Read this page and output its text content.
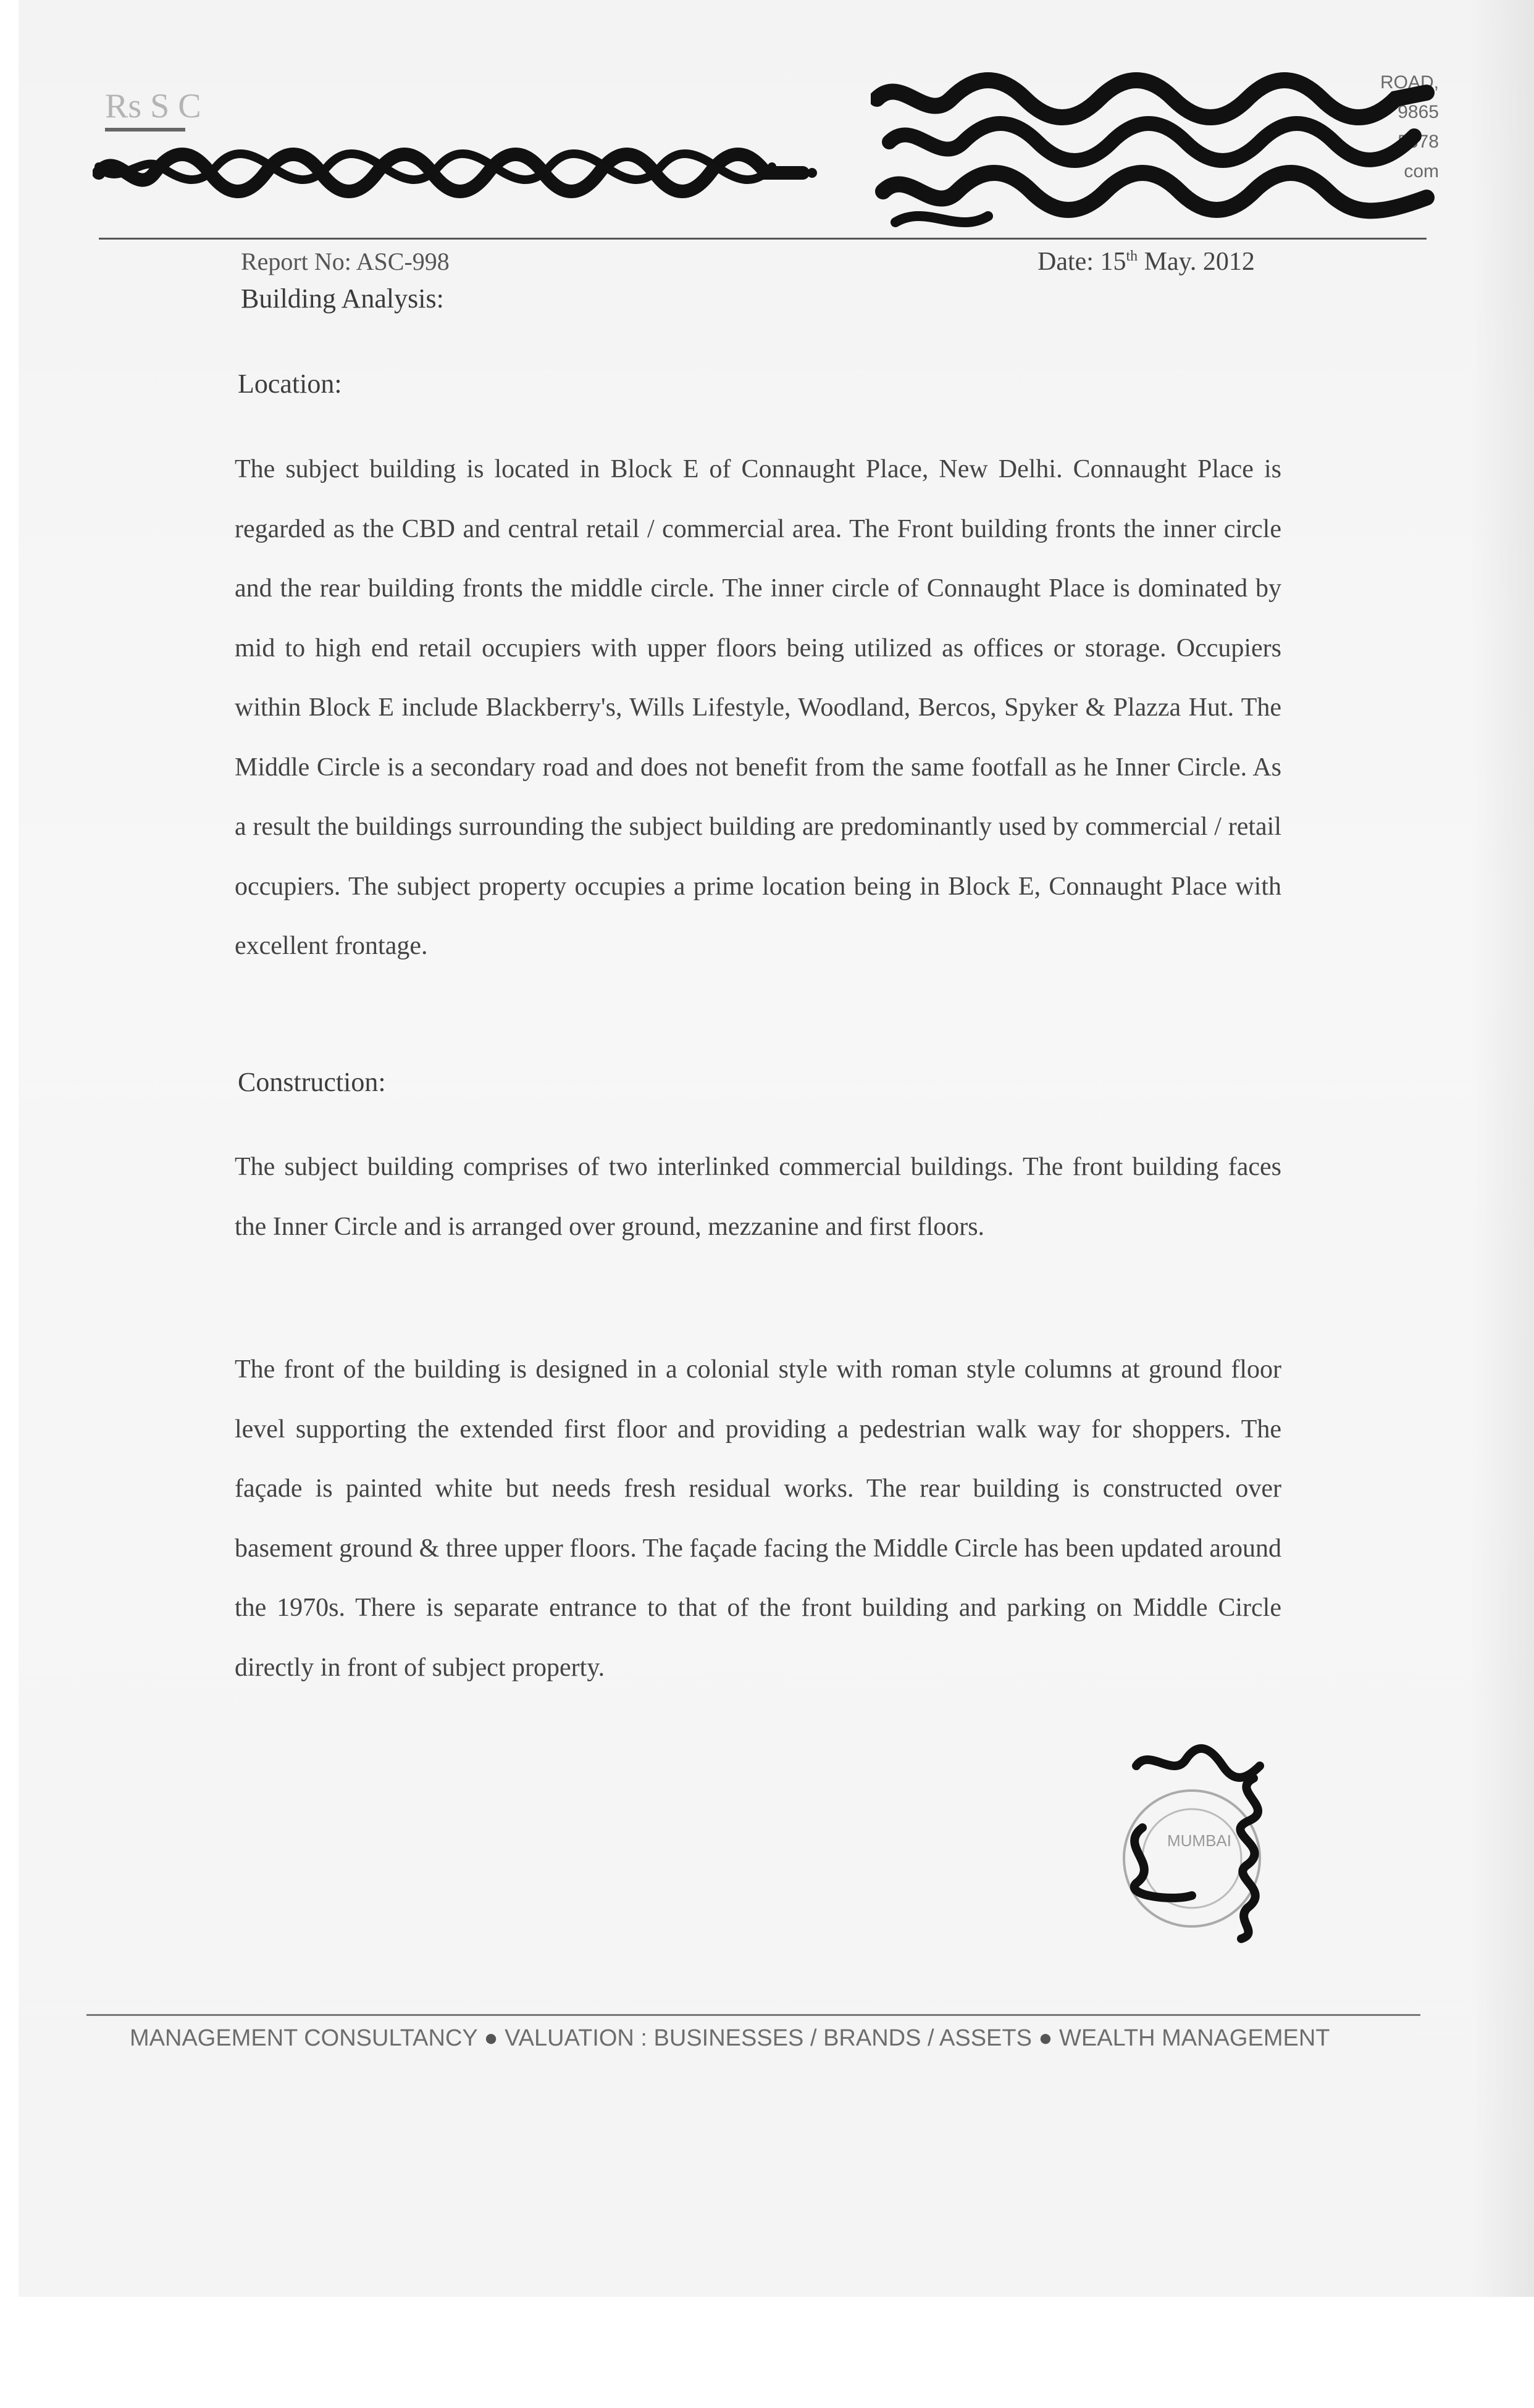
Rs S C
ROAD,
9865
5678
com
Report No: ASC-998	Date: 15th May. 2012
Building Analysis:
Location:
The subject building is located in Block E of Connaught Place, New Delhi. Connaught Place is regarded as the CBD and central retail / commercial area. The Front building fronts the inner circle and the rear building fronts the middle circle. The inner circle of Connaught Place is dominated by mid to high end retail occupiers with upper floors being utilized as offices or storage. Occupiers within Block E include Blackberry's, Wills Lifestyle, Woodland, Bercos, Spyker & Plazza Hut. The Middle Circle is a secondary road and does not benefit from the same footfall as he Inner Circle. As a result the buildings surrounding the subject building are predominantly used by commercial / retail occupiers. The subject property occupies a prime location being in Block E, Connaught Place with excellent frontage.
Construction:
The subject building comprises of two interlinked commercial buildings. The front building faces the Inner Circle and is arranged over ground, mezzanine and first floors.
The front of the building is designed in a colonial style with roman style columns at ground floor level supporting the extended first floor and providing a pedestrian walk way for shoppers. The façade is painted white but needs fresh residual works. The rear building is constructed over basement ground & three upper floors. The façade facing the Middle Circle has been updated around the 1970s. There is separate entrance to that of the front building and parking on Middle Circle directly in front of subject property.
MUMBAI
MANAGEMENT CONSULTANCY ● VALUATION : BUSINESSES / BRANDS / ASSETS ● WEALTH MANAGEMENT
